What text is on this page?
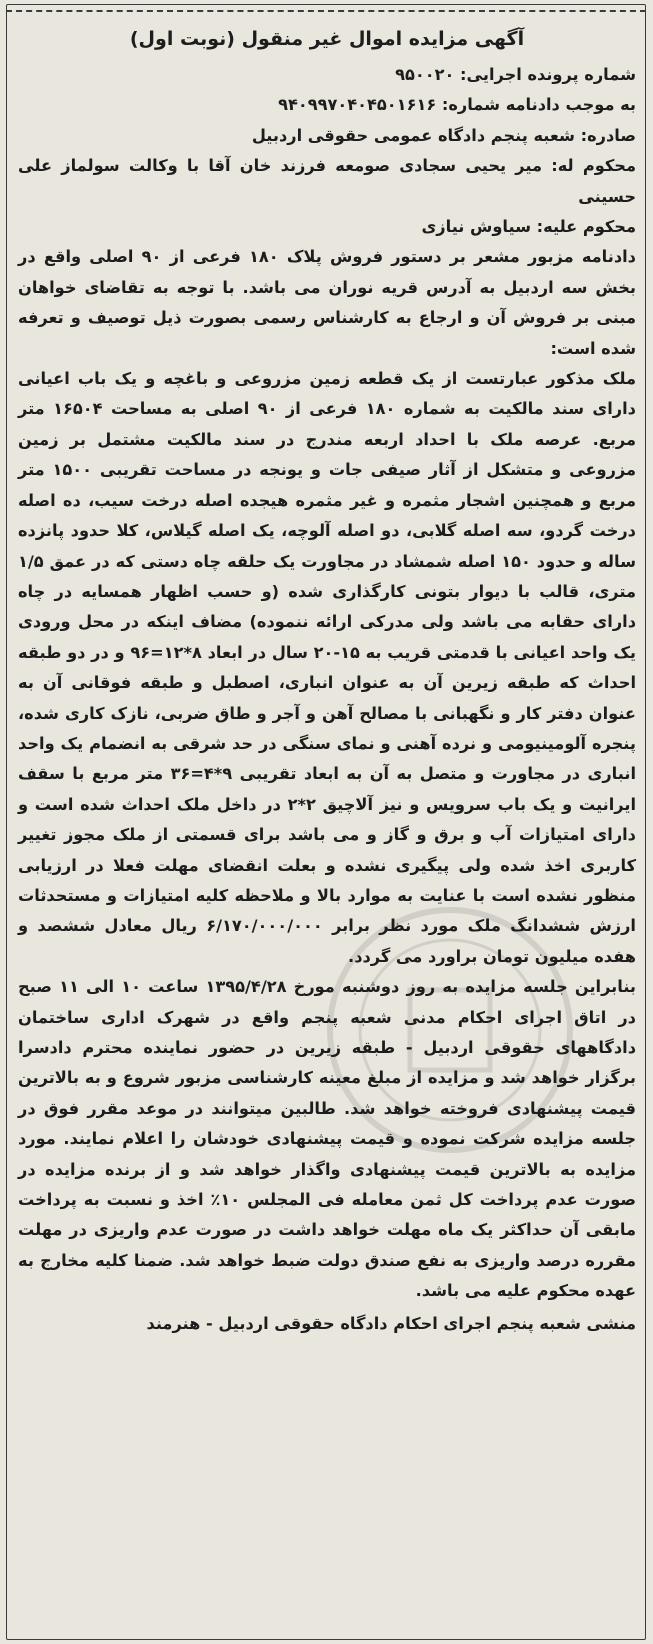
آگهی مزایده اموال غیر منقول (نوبت اول)
شماره پرونده اجرایی: ۹۵۰۰۲۰
به موجب دادنامه شماره: ۹۴۰۹۹۷۰۴۰۴۵۰۱۶۱۶
صادره: شعبه پنجم دادگاه عمومی حقوقی اردبیل
محکوم له: میر یحیی سجادی صومعه فرزند خان آقا با وکالت سولماز علی حسینی
محکوم علیه: سیاوش نیازی

دادنامه مزبور مشعر بر دستور فروش پلاک ۱۸۰ فرعی از ۹۰ اصلی واقع در بخش سه اردبیل به آدرس قریه نوران می باشد. با توجه به تقاضای خواهان مبنی بر فروش آن و ارجاع به کارشناس رسمی بصورت ذیل توصیف و تعرفه شده است:

ملک مذکور عبارتست از یک قطعه زمین مزروعی و باغچه و یک باب اعیانی دارای سند مالکیت به شماره ۱۸۰ فرعی از ۹۰ اصلی به مساحت ۱۶۵۰۴ متر مربع. عرصه ملک با احداد اربعه مندرج در سند مالکیت مشتمل بر زمین مزروعی و متشکل از آثار صیفی جات و یونجه در مساحت تقریبی ۱۵۰۰ متر مربع و همچنین اشجار مثمره و غیر مثمره هیجده اصله درخت سیب، ده اصله درخت گردو، سه اصله گلابی، دو اصله آلوچه، یک اصله گیلاس، کلا حدود پانزده ساله و حدود ۱۵۰ اصله شمشاد در مجاورت یک حلقه چاه دستی که در عمق ۱/۵ متری، قالب با دیوار بتونی کارگذاری شده (و حسب اظهار همسایه در چاه دارای حقابه می باشد ولی مدرکی ارائه ننموده) مضاف اینکه در محل ورودی یک واحد اعیانی با قدمتی قریب به ۱۵-۲۰ سال در ابعاد ۸*۱۲=۹۶ و در دو طبقه احداث که طبقه زیرین آن به عنوان انباری، اصطبل و طبقه فوقانی آن به عنوان دفتر کار و نگهبانی با مصالح آهن و آجر و طاق ضربی، نازک کاری شده، پنجره آلومینیومی و نرده آهنی و نمای سنگی در حد شرقی به انضمام یک واحد انباری در مجاورت و متصل به آن به ابعاد تقریبی ۹*۴=۳۶ متر مربع با سقف ایرانیت و یک باب سرویس و نیز آلاچیق ۲*۲ در داخل ملک احداث شده است و دارای امتیازات آب و برق و گاز و می باشد برای قسمتی از ملک مجوز تغییر کاربری اخذ شده ولی پیگیری نشده و بعلت انقضای مهلت فعلا در ارزیابی منظور نشده است با عنایت به موارد بالا و ملاحظه کلیه امتیازات و مستحدثات ارزش ششدانگ ملک مورد نظر برابر ۶/۱۷۰/۰۰۰/۰۰۰ ریال معادل ششصد و هفده میلیون تومان براورد می گردد.

بنابراین جلسه مزایده به روز دوشنبه مورخ ۱۳۹۵/۴/۲۸ ساعت ۱۰ الی ۱۱ صبح در اتاق اجرای احکام مدنی شعبه پنجم واقع در شهرک اداری ساختمان دادگاههای حقوقی اردبیل - طبقه زیرین در حضور نماینده محترم دادسرا برگزار خواهد شد و مزایده از مبلغ معینه کارشناسی مزبور شروع و به بالاترین قیمت پیشنهادی فروخته خواهد شد. طالبین میتوانند در موعد مقرر فوق در جلسه مزایده شرکت نموده و قیمت پیشنهادی خودشان را اعلام نمایند. مورد مزایده به بالاترین قیمت پیشنهادی واگذار خواهد شد و از برنده مزایده در صورت عدم پرداخت کل ثمن معامله فی المجلس ۱۰٪ اخذ و نسبت به پرداخت مابقی آن حداکثر یک ماه مهلت خواهد داشت در صورت عدم واریزی در مهلت مقرره درصد واریزی به نفع صندق دولت ضبط خواهد شد. ضمنا کلیه مخارج به عهده محکوم علیه می باشد.

منشی شعبه پنجم اجرای احکام دادگاه حقوقی اردبیل - هنرمند
